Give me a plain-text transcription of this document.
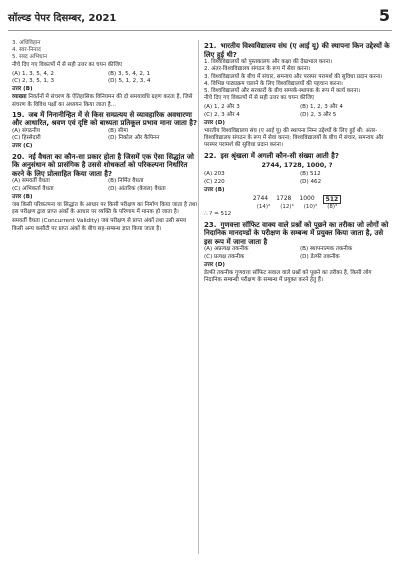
सॉल्व्ड पेपर दिसम्बर, 2021	5
3. अधिविहान
4. स्वर-निनाद
5. सब्द अभिधान
नीचे दिए गए विकल्पों में से सही उत्तर का चयन कीजिए
(A) 1, 3, 5, 4, 2	(B) 3, 5, 4, 2, 1
(C) 2, 3, 5, 1, 3	(D) 5, 1, 2, 3, 4
उत्तर (B)
व्याख्या निवर्तनों में संचरण के ऐतिहासिक विनियमन की दो समयावधि ग्रहण करता है, जिसे संचरण के विविध पक्षों का अध्ययन किया जाता है...
19. जब में निनानीन्हित में से किस सम्प्रत्यय से व्यावहारिक अवधारणा और आधारित, श्रवण एवं दृष्टि को बाध्यता प्रतिकूल प्रभाव माना जाता है?
(A) संगठनीय	(B) सीमा
(C) हिस्सेदारी	(D) निकोल और कैपिनन
उत्तर (C)
20. नई वैधता का कौन-सा प्रकार होता है जिसमें एक ऐसा सिद्धांत जो कि अनुसंधान को प्रासंगिक है उससे शोधकर्ता को परिकल्पना निर्धारित करने के लिए प्रोत्साहित किया जाता है?
(A) समवर्ती वैधता	(B) निर्मित वैधता
(C) अभिकर्ता वैधता	(D) आंतरिक (केवल) वैधता
उत्तर (B)
जब किसी परिकल्पना या सिद्धांत के आधार पर किसी परीक्षण का निर्माण किया जाता है तथा इस परीक्षण द्वारा प्राप्त अंकों के आधार पर व्यक्ति के परिणाम में मानक हो जाता है।
समवर्ती वैधता (Concurrent Validity) जब परीक्षण से प्राप्त अंकों तथा उसी समय किसी अन्य कसौटी पर प्राप्त अंकों के बीच सह-सम्बन्ध ज्ञात किया जाता है।
21. भारतीय विश्वविद्यालय संघ (ए आई यू) की स्थापना किन उद्देश्यों के लिए हुई थी?
1. विश्वविद्यालयों को पुस्तकालय और कक्षा की देखभाल करना।
2. अंतर-विश्वविद्यालय संगठन के रूप में सेवा करना।
3. विश्वविद्यालयों के बीच में संचार, समन्वय और परस्पर परामर्श की सुविधा प्रदान करना।
4. विभिन्न पाठ्यक्रम चलाने के लिए विश्वविद्यालयों की पहचान करना।
5. विश्वविद्यालयों और सरकारों के बीच सम्पर्क-स्थापक के रूप में कार्य करना।
नीचे दिए गए विकल्पों में से सही उत्तर का चयन कीजिए
(A) 1, 2 और 3	(B) 1, 2, 3 और 4
(C) 2, 3 और 4	(D) 2, 3 और 5
उत्तर (D)
भारतीय विश्वविद्यालय संघ (ए आई यू) की स्थापना निम्न उद्देश्यों के लिए हुई थी: अंतर-विश्वविद्यालय संगठन के रूप में सेवा करना; विश्वविद्यालयों के बीच में संचार, समन्वय और परस्पर परामर्श की सुविधा प्रदान करना।
22. इस श्रृंखला में अगली कौन-सी संख्या आती है?
2744, 1728, 1000, ?
(A) 203	(B) 512
(C) 220	(D) 462
उत्तर (B)
2744 1728 1000	512
(14)³ (12)³ (10)³ (8)³
∴ ? = 512
23. गुणवत्ता सॉफिट वाक्य वाले प्रश्नों को पूछने का तरीका जो लोगों को निदानिक मानदण्डों के परीक्षण के सम्बन्ध में प्रयुक्त किया जाता है, उसे इस रूप में जाना जाता है
(A) अप्रत्यक्ष तकनीक	(B) स्थापनात्मक तकनीक
(C) प्रत्यक्ष तकनीक	(D) डेल्फी तकनीक
उत्तर (D)
डेल्फी तकनीक गुणवत्ता सॉफिट सवाल वाले प्रश्नों को पूछने का तरीका है, किसी लोग निदानिक सम्बन्धी परीक्षण के सम्बन्ध में प्रयुक्त करने हेतु हैं।
